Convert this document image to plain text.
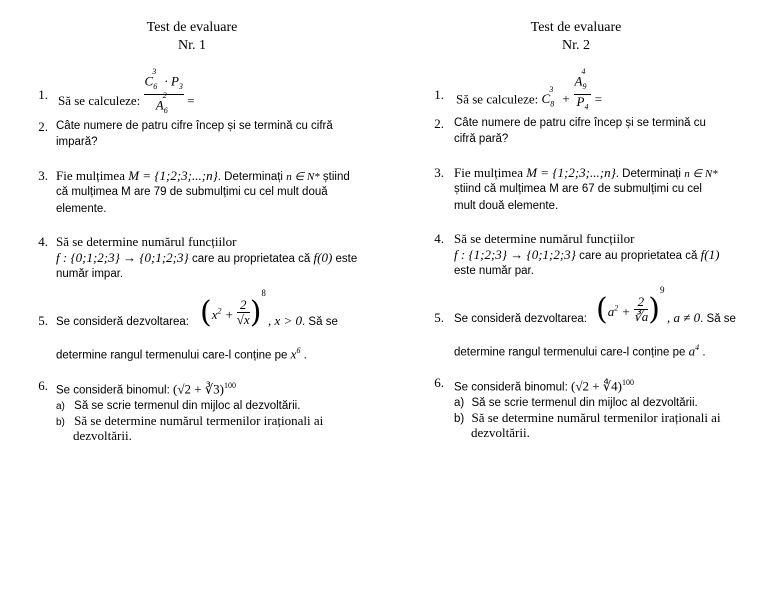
Test de evaluare
Nr. 1
1. Să se calculeze: $\frac{C_6^3 \cdot P_3}{A_6^2}$ =
2. Câte numere de patru cifre încep și se termină cu cifră
impară?
3. Fie mulțimea M = {1;2;3;...;n}. Determinați n ∈ N* știind
că mulțimea M are 79 de submulțimi cu cel mult două
elemente.
4. Să se determine numărul funcțiilor
f : {0;1;2;3} → {0;1;2;3} care au proprietatea că f(0) este
număr impar.
5. Se consideră dezvoltarea: $(x^2 + \frac{2}{√x} )^8$
, x > 0. Să se
determine rangul termenului care-l conține pe $x^6$ .
6. Se consideră binomul: (√2 + ∛3)$^{100}$
a) Să se scrie termenul din mijloc al dezvoltării.
b) Să se determine numărul termenilor iraționali ai
dezvoltării.
Test de evaluare
Nr. 2
1. Să se calculeze: $C_8^3 + \frac{A_9^4}{P_4}$ =
2. Câte numere de patru cifre încep și se termină cu
cifră pară?
3. Fie mulțimea M = {1;2;3;...;n}. Determinați n ∈ N*
știind că mulțimea M are 67 de submulțimi cu cel
mult două elemente.
4. Să se determine numărul funcțiilor
f : {1;2;3} → {0;1;2;3} care au proprietatea că f(1)
este număr par.
5. Se consideră dezvoltarea: $(a^2 + \frac{2}{∛a} )^9$
, a ≠ 0. Să se
determine rangul termenului care-l conține pe $a^4$ .
6. Se consideră binomul: (√2 + ∜4)$^{100}$
a) Să se scrie termenul din mijloc al dezvoltării.
b) Să se determine numărul termenilor iraționali ai
dezvoltării.
